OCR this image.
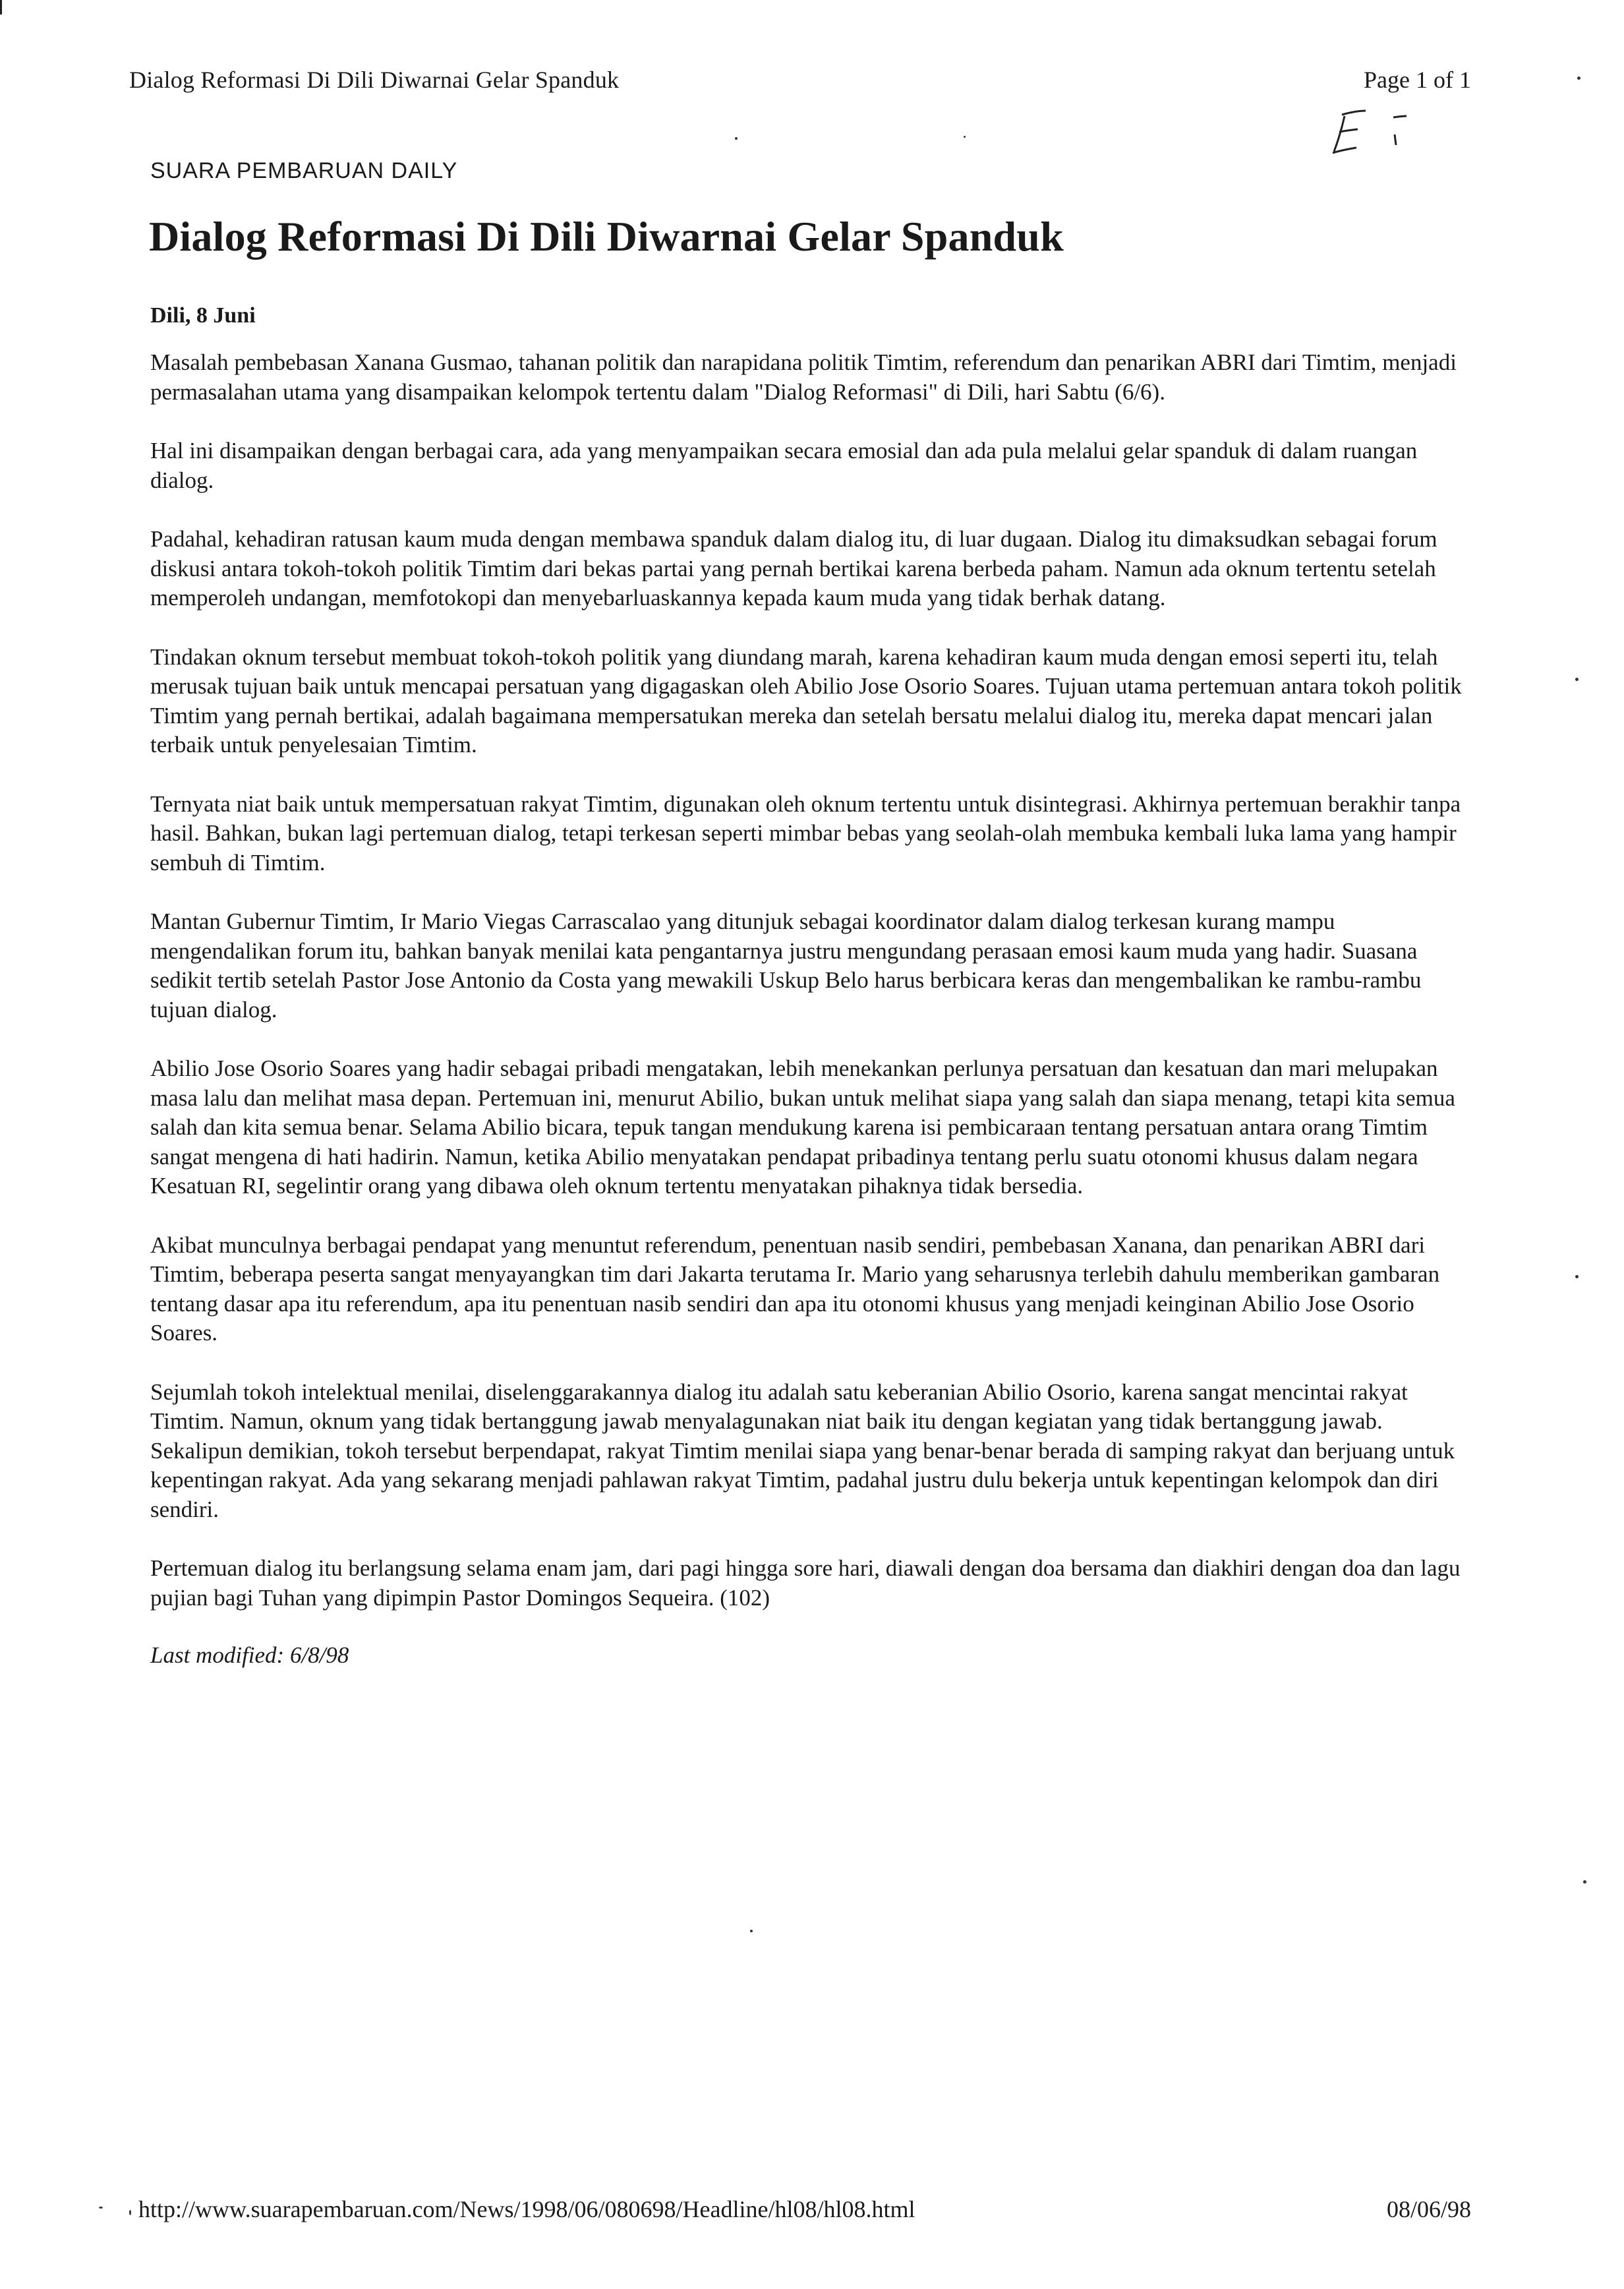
Dialog Reformasi Di Dili Diwarnai Gelar Spanduk	Page 1 of 1
SUARA PEMBARUAN DAILY
Dialog Reformasi Di Dili Diwarnai Gelar Spanduk
Dili, 8 Juni

Masalah pembebasan Xanana Gusmao, tahanan politik dan narapidana politik Timtim, referendum dan penarikan ABRI dari Timtim, menjadi permasalahan utama yang disampaikan kelompok tertentu dalam "Dialog Reformasi" di Dili, hari Sabtu (6/6).

Hal ini disampaikan dengan berbagai cara, ada yang menyampaikan secara emosial dan ada pula melalui gelar spanduk di dalam ruangan dialog.

Padahal, kehadiran ratusan kaum muda dengan membawa spanduk dalam dialog itu, di luar dugaan. Dialog itu dimaksudkan sebagai forum diskusi antara tokoh-tokoh politik Timtim dari bekas partai yang pernah bertikai karena berbeda paham. Namun ada oknum tertentu setelah memperoleh undangan, memfotokopi dan menyebarluaskannya kepada kaum muda yang tidak berhak datang.

Tindakan oknum tersebut membuat tokoh-tokoh politik yang diundang marah, karena kehadiran kaum muda dengan emosi seperti itu, telah merusak tujuan baik untuk mencapai persatuan yang digagaskan oleh Abilio Jose Osorio Soares. Tujuan utama pertemuan antara tokoh politik Timtim yang pernah bertikai, adalah bagaimana mempersatukan mereka dan setelah bersatu melalui dialog itu, mereka dapat mencari jalan terbaik untuk penyelesaian Timtim.

Ternyata niat baik untuk mempersatuan rakyat Timtim, digunakan oleh oknum tertentu untuk disintegrasi. Akhirnya pertemuan berakhir tanpa hasil. Bahkan, bukan lagi pertemuan dialog, tetapi terkesan seperti mimbar bebas yang seolah-olah membuka kembali luka lama yang hampir sembuh di Timtim.

Mantan Gubernur Timtim, Ir Mario Viegas Carrascalao yang ditunjuk sebagai koordinator dalam dialog terkesan kurang mampu mengendalikan forum itu, bahkan banyak menilai kata pengantarnya justru mengundang perasaan emosi kaum muda yang hadir. Suasana sedikit tertib setelah Pastor Jose Antonio da Costa yang mewakili Uskup Belo harus berbicara keras dan mengembalikan ke rambu-rambu tujuan dialog.

Abilio Jose Osorio Soares yang hadir sebagai pribadi mengatakan, lebih menekankan perlunya persatuan dan kesatuan dan mari melupakan masa lalu dan melihat masa depan. Pertemuan ini, menurut Abilio, bukan untuk melihat siapa yang salah dan siapa menang, tetapi kita semua salah dan kita semua benar. Selama Abilio bicara, tepuk tangan mendukung karena isi pembicaraan tentang persatuan antara orang Timtim sangat mengena di hati hadirin. Namun, ketika Abilio menyatakan pendapat pribadinya tentang perlu suatu otonomi khusus dalam negara Kesatuan RI, segelintir orang yang dibawa oleh oknum tertentu menyatakan pihaknya tidak bersedia.

Akibat munculnya berbagai pendapat yang menuntut referendum, penentuan nasib sendiri, pembebasan Xanana, dan penarikan ABRI dari Timtim, beberapa peserta sangat menyayangkan tim dari Jakarta terutama Ir. Mario yang seharusnya terlebih dahulu memberikan gambaran tentang dasar apa itu referendum, apa itu penentuan nasib sendiri dan apa itu otonomi khusus yang menjadi keinginan Abilio Jose Osorio Soares.

Sejumlah tokoh intelektual menilai, diselenggarakannya dialog itu adalah satu keberanian Abilio Osorio, karena sangat mencintai rakyat Timtim. Namun, oknum yang tidak bertanggung jawab menyalagunakan niat baik itu dengan kegiatan yang tidak bertanggung jawab. Sekalipun demikian, tokoh tersebut berpendapat, rakyat Timtim menilai siapa yang benar-benar berada di samping rakyat dan berjuang untuk kepentingan rakyat. Ada yang sekarang menjadi pahlawan rakyat Timtim, padahal justru dulu bekerja untuk kepentingan kelompok dan diri sendiri.

Pertemuan dialog itu berlangsung selama enam jam, dari pagi hingga sore hari, diawali dengan doa bersama dan diakhiri dengan doa dan lagu pujian bagi Tuhan yang dipimpin Pastor Domingos Sequeira. (102)

Last modified: 6/8/98

http://www.suarapembaruan.com/News/1998/06/080698/Headline/hl08/hl08.html	08/06/98
